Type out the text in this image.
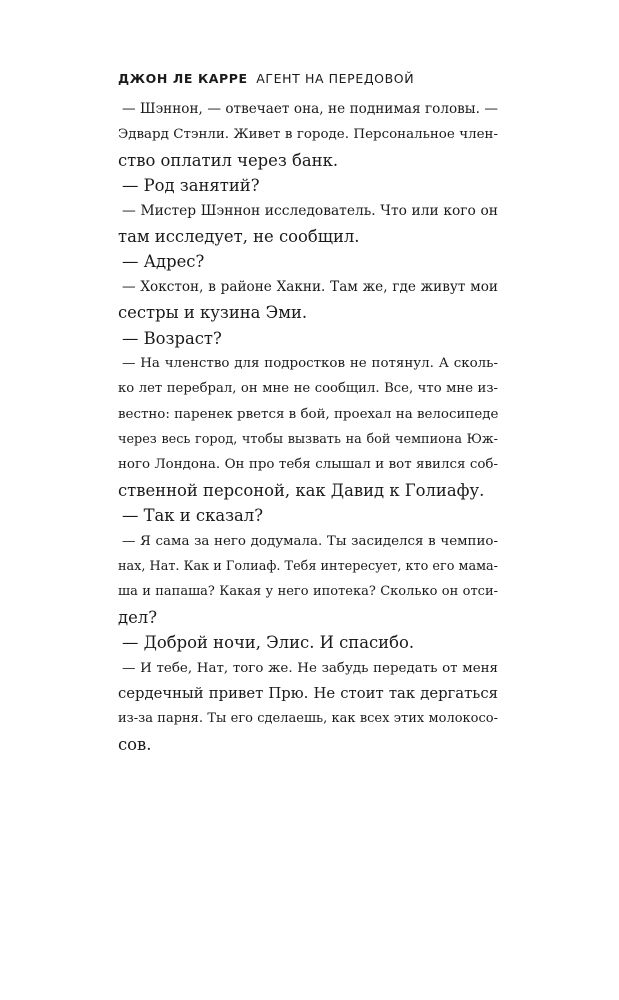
ДЖОН ЛЕ КАРРЕ АГЕНТ НА ПЕРЕДОВОЙ
— Шэннон, — отвечает она, не поднимая головы. —
Эдвард Стэнли. Живет в городе. Персональное член-
ство оплатил через банк.
— Род занятий?
— Мистер Шэннон исследователь. Что или кого он
там исследует, не сообщил.
— Адрес?
— Хокстон, в районе Хакни. Там же, где живут мои
сестры и кузина Эми.
— Возраст?
— На членство для подростков не потянул. А сколь-
ко лет перебрал, он мне не сообщил. Все, что мне из-
вестно: паренек рвется в бой, проехал на велосипеде
через весь город, чтобы вызвать на бой чемпиона Юж-
ного Лондона. Он про тебя слышал и вот явился соб-
ственной персоной, как Давид к Голиафу.
— Так и сказал?
— Я сама за него додумала. Ты засиделся в чемпио-
нах, Нат. Как и Голиаф. Тебя интересует, кто его мама-
ша и папаша? Какая у него ипотека? Сколько он отси-
дел?
— Доброй ночи, Элис. И спасибо.
— И тебе, Нат, того же. Не забудь передать от меня
сердечный привет Прю. Не стоит так дергаться
из-за парня. Ты его сделаешь, как всех этих молокосо-
сов.
